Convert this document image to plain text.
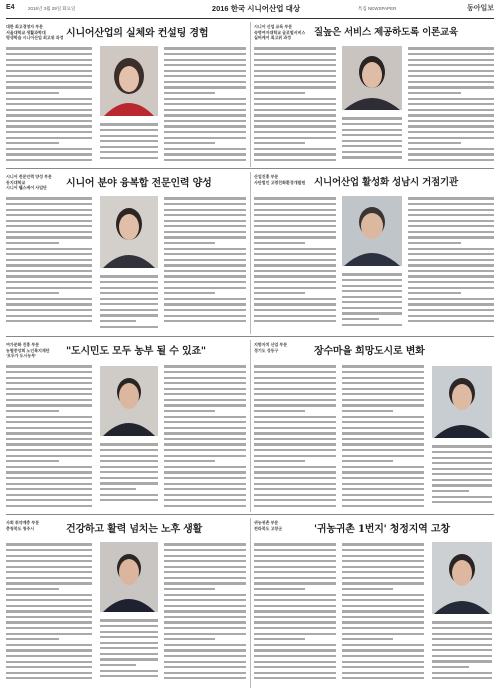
E4	2016년 3월 29일 화요일	2016 한국 시니어산업 대상	특집 NEWSPAPER	동아일보
대한 최고경영자 부문
서울대학교 생활과학대
평생학습 시니어산업 최고위 과정 시니어산업의 실체와 컨설팅 경험
시니어 산업 교육 부문
숙명여자대학교 글로벌서비스
실버케어 최고위 과정	질높은 서비스 제공하도록 이론교육
시니어 전문인력 양성 부문
동지대학교
시니어 웰스케어 사업단	시니어 분야 융복합 전문인력 양성
산업진흥 부문
사단법인 고령친화환경개발원 시니어산업 활성화 성남시 거점기관
여가문화 진흥 부문
농협중앙회 노인복지재단
'모두가 도시농부'	"도시민도 모두 농부 될 수 있죠"
지방자치 산업 부문
경기도 성동구	장수마을 희망도시로 변화
사회 취약계층 부문
충청북도 청주시	건강하고 활력 넘치는 노후 생활
귀농귀촌 부문
전라북도 고창군	'귀농귀촌 1번지' 청정지역 고창
